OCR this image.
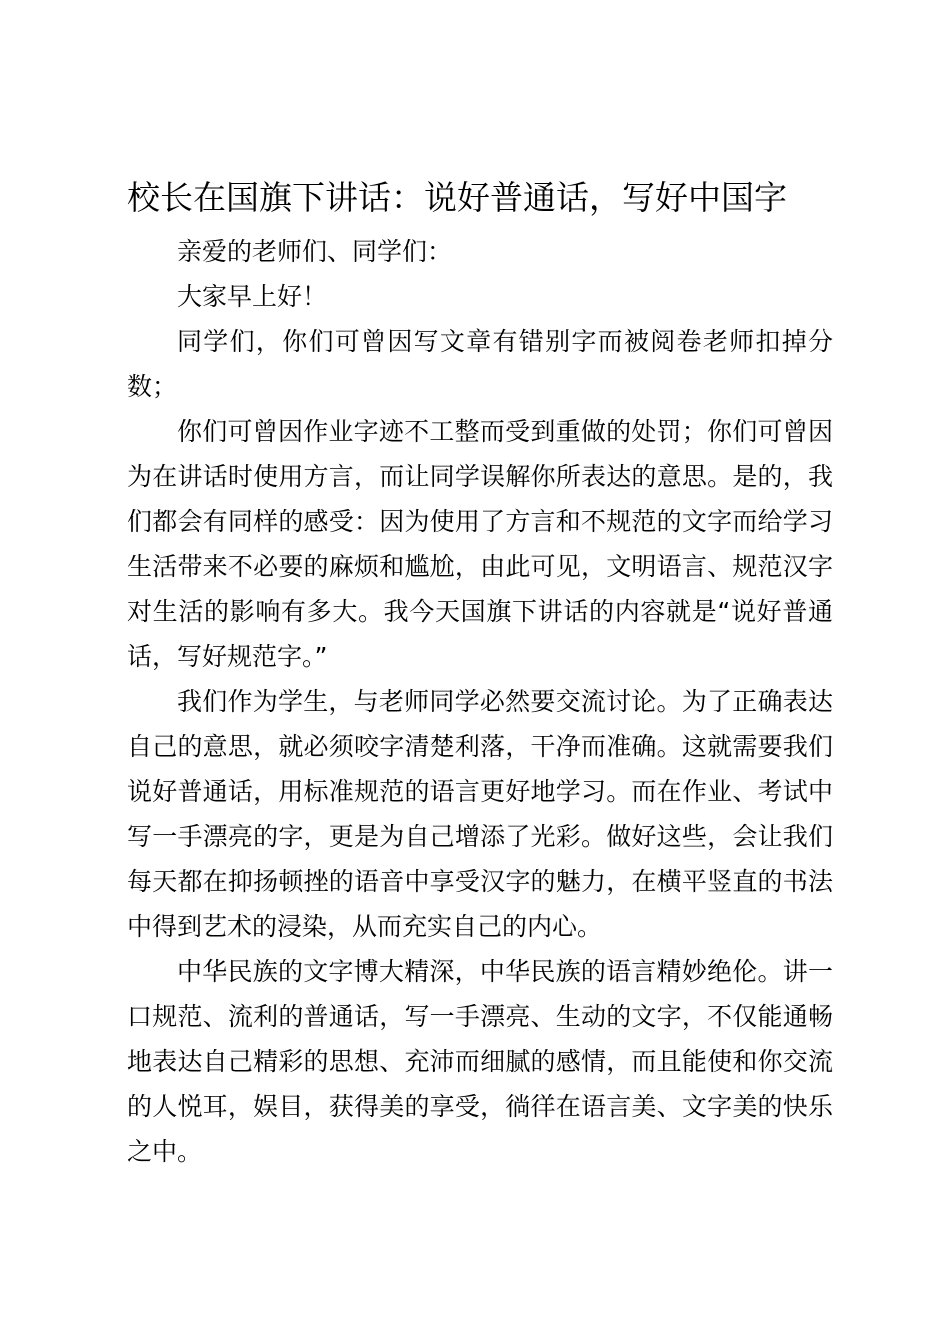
校长在国旗下讲话：说好普通话，写好中国字

亲爱的老师们、同学们：

大家早上好！

同学们，你们可曾因写文章有错别字而被阅卷老师扣掉分数；

你们可曾因作业字迹不工整而受到重做的处罚；你们可曾因为在讲话时使用方言，而让同学误解你所表达的意思。是的，我们都会有同样的感受：因为使用了方言和不规范的文字而给学习生活带来不必要的麻烦和尴尬，由此可见，文明语言、规范汉字对生活的影响有多大。我今天国旗下讲话的内容就是“说好普通话，写好规范字。”

我们作为学生，与老师同学必然要交流讨论。为了正确表达自己的意思，就必须咬字清楚利落，干净而准确。这就需要我们说好普通话，用标准规范的语言更好地学习。而在作业、考试中写一手漂亮的字，更是为自己增添了光彩。做好这些，会让我们每天都在抑扬顿挫的语音中享受汉字的魅力，在横平竖直的书法中得到艺术的浸染，从而充实自己的内心。

中华民族的文字博大精深，中华民族的语言精妙绝伦。讲一口规范、流利的普通话，写一手漂亮、生动的文字，不仅能通畅地表达自己精彩的思想、充沛而细腻的感情，而且能使和你交流的人悦耳，娱目，获得美的享受，徜徉在语言美、文字美的快乐之中。
